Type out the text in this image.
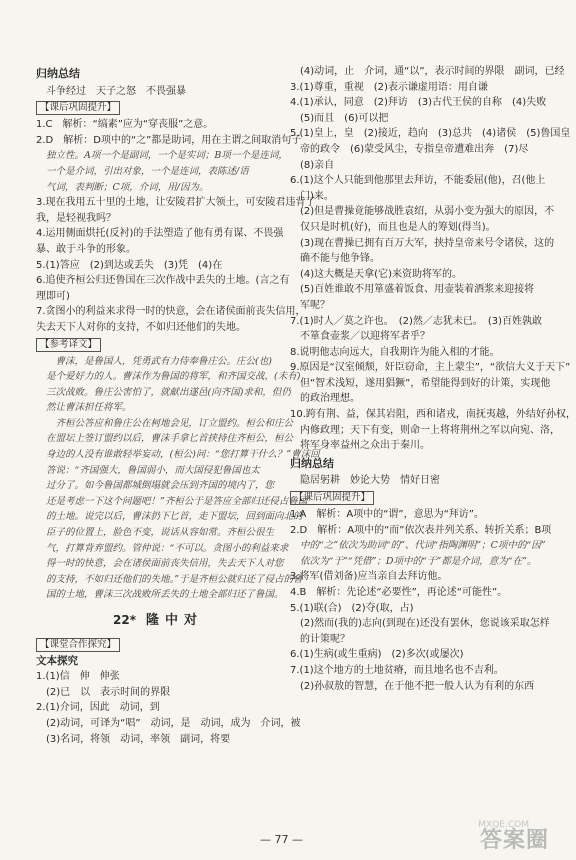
归纳总结
斗争经过　天子之怒　不畏强暴
【课后巩固提升】
1.C　解析：“缟素”应为“穿丧服”之意。
2.D　解析：D项中的“之”都是助词，用在主谓之间取消句子
独立性。A项一个是副词，一个是实词；B项一个是连词，
一个是介词，引出对象，一个是连词，表陈述/语
气词，表判断；C项，介词，用/因为。
3.现在我用五十里的土地，让安陵君扩大领土，可安陵君违背了
我，是轻视我吗？
4.运用侧面烘托(反衬)的手法塑造了他有勇有谋、不畏强
暴、敢于斗争的形象。
5.(1)答应　(2)到达或丢失　(3)凭　(4)在
6.追使齐桓公归还鲁国在三次作战中丢失的土地。(言之有
理即可)
7.贪图小的利益来求得一时的快意，会在诸侯面前丧失信用，
失去天下人对你的支持，不如归还他们的失地。
【参考译文】
　曹沫，是鲁国人，凭勇武有力侍奉鲁庄公。庄公(也)
是个爱好力的人。曹沫作为鲁国的将军，和齐国交战，(未有)
三次战败。鲁庄公害怕了，就献出遂邑(向齐国)求和，但仍
然让曹沫担任将军。
　齐桓公答应和鲁庄公在柯地会见，订立盟约。桓公和庄公
在盟坛上签订盟约以后，曹沫手拿匕首挟持住齐桓公，桓公
身边的人没有谁敢轻举妄动，(桓公)问：“您打算干什么？”曹沫回
答说：“齐国强大，鲁国弱小，而大国侵犯鲁国也太
过分了。如今鲁国都城倒塌就会压到齐国的境内了，您
还是考虑一下这个问题吧！”齐桓公于是答应全部归还侵占鲁国
的土地。说完以后，曹沫扔下匕首，走下盟坛，回到面向北的
臣子的位置上，脸色不变，说话从容如常。齐桓公很生
气，打算背弃盟约。管仲说：“不可以。贪图小的利益来求
得一时的快意，会在诸侯面前丧失信用，失去天下人对您
的支持，不如归还他们的失地。”于是齐桓公就归还了侵占的鲁
国的土地，曹沫三次战败所丢失的土地全部归还了鲁国。
22* 隆中对
【课堂合作探究】
文本探究
1.(1)信　伸　伸张
(2)已　以　表示时间的界限
2.(1)介词，因此　动词，到
(2)动词，可译为“唱”　动词，是　动词，成为　介词，被
(3)名词，将领　动词，率领　副词，将要
(4)动词，止　介词，通“以”，表示时间的界限　副词，已经
3.(1)尊重，重视　(2)表示谦虚用语：用自谦
4.(1)承认，同意　(2)拜访　(3)古代王侯的自称　(4)失败
(5)而且　(6)可以把
5.(1)皇上，皇　(2)接近，趋向　(3)总共　(4)诸侯　(5)鲁国皇
帝的政令　(6)蒙受风尘，专指皇帝遭难出奔　(7)尽
(8)亲自
6.(1)这个人只能到他那里去拜访，不能委屈(他)，召(他上
门)来。
(2)但是曹操竟能够战胜袁绍，从弱小变为强大的原因，不
仅只是时机(好)，而且也是人的筹划(得当)。
(3)现在曹操已拥有百万大军，挟持皇帝来号令诸侯，这的
确不能与他争锋。
(4)这大概是天拿(它)来资助将军的。
(5)百姓谁敢不用箪盛着饭食、用壶装着酒浆来迎接将
军呢？
7.(1)时人／莫之许也。　(2)然／志犹未已。　(3)百姓孰敢
不箪食壶浆／以迎将军者乎？
8.说明他志向远大，自我期许为能入相的才能。
9.原因是“汉室倾颓，奸臣窃命，主上蒙尘”，“欲信大义于天下”
但“智术浅短，遂用猖獗”，希望能得到好的计策，实现他
的政治理想。
10.跨有荆、益，保其岩阻，西和诸戎，南抚夷越，外结好孙权，
内修政理；天下有变，则命一上将将荆州之军以向宛、洛，
将军身率益州之众出于秦川。
归纳总结
隐居躬耕　妙论大势　情好日密
【课后巩固提升】
1.A　解析：A项中的“谓”，意思为“拜访”。
2.D　解析：A项中的“而”依次表并列关系、转折关系；B项
中的“之”依次为助词“的”、代词“指陶渊明”；C项中的“因”
依次为“于”“凭借”；D项中的“于”都是介词，意为“在”。
3.将军(借刘备)应当亲自去拜访他。
4.B　解析：先论述“必要性”，再论述“可能性”。
5.(1)联(合)　(2)夺(取，占)
(2)然而(我的)志向(到现在)还没有罢休，您说该采取怎样
的计策呢？
6.(1)生病(或生重病)　(2)多次(或屡次)
7.(1)这个地方的土地贫瘠，而且地名也不吉利。
(2)孙叔敖的智慧，在于他不把一般人认为有利的东西
— 77 —
MXQE.COM
答案圈
